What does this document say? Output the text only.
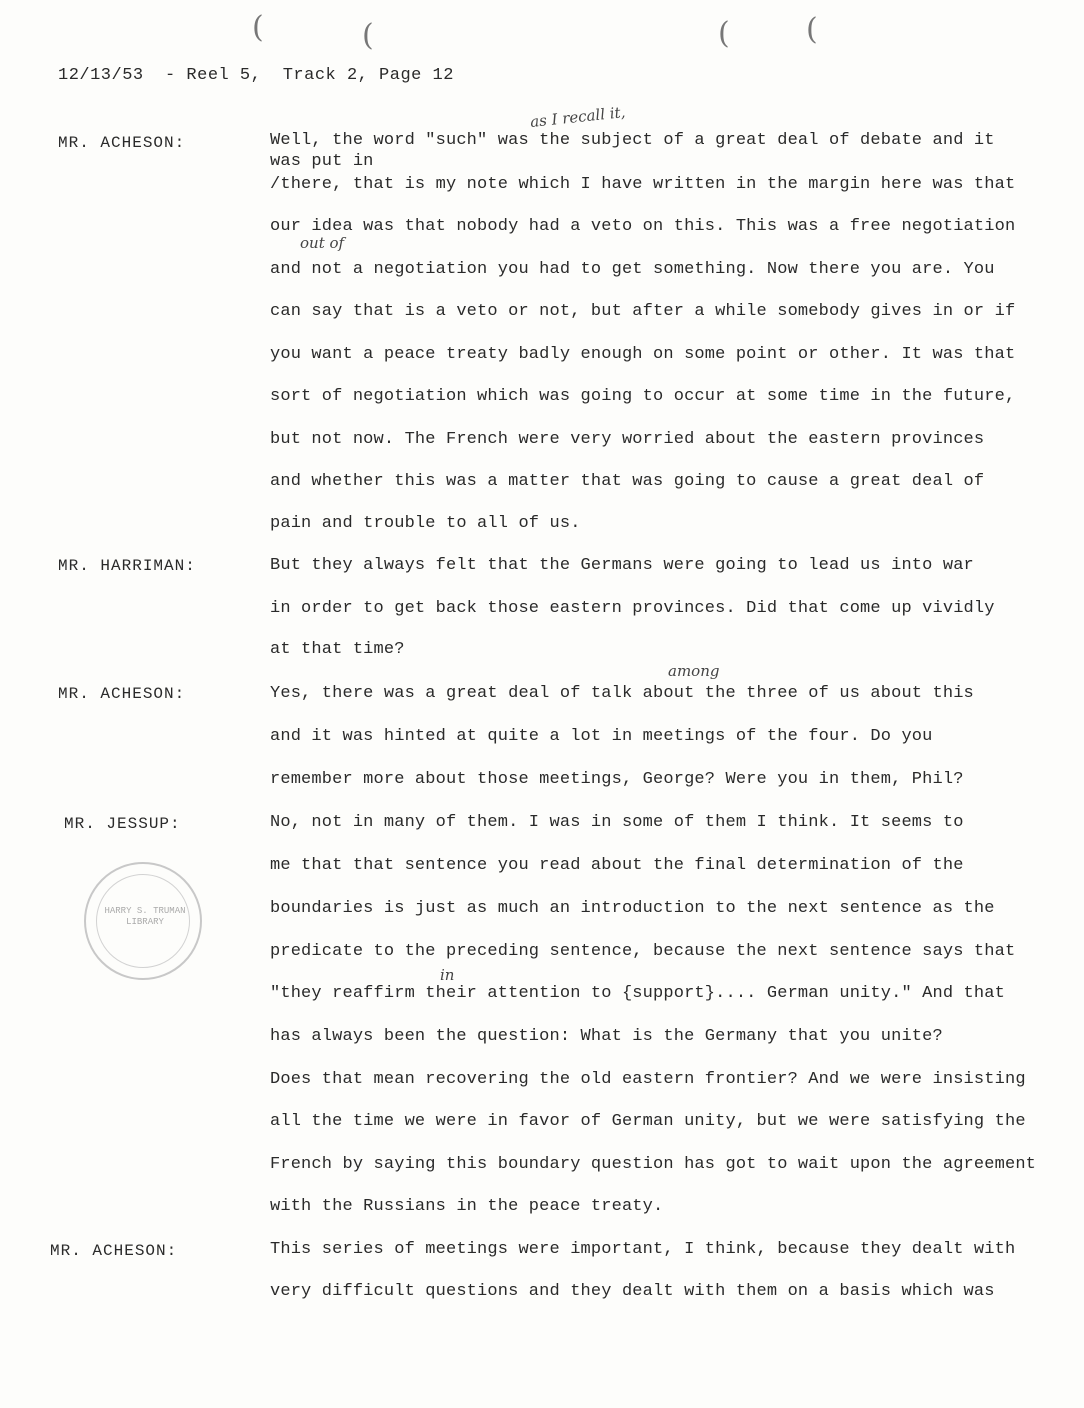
(	(	(	(
12/13/53  - Reel 5,  Track 2, Page 12
MR. ACHESON:
as I recall it,
out of
Well, the word "such" was the subject of a great deal of debate and it
was put in
/there, that is my note which I have written in the margin here was that
our idea was that nobody had a veto on this. This was a free negotiation
and not a negotiation you had to get something. Now there you are. You
can say that is a veto or not, but after a while somebody gives in or if
you want a peace treaty badly enough on some point or other. It was that
sort of negotiation which was going to occur at some time in the future,
but not now. The French were very worried about the eastern provinces
and whether this was a matter that was going to cause a great deal of
pain and trouble to all of us.
MR. HARRIMAN:	But they always felt that the Germans were going to lead us into war
in order to get back those eastern provinces. Did that come up vividly
at that time?
MR. ACHESON:
among
Yes, there was a great deal of talk about the three of us about this
and it was hinted at quite a lot in meetings of the four. Do you
remember more about those meetings, George? Were you in them, Phil?
MR. JESSUP:
in
No, not in many of them. I was in some of them I think. It seems to
me that that sentence you read about the final determination of the
boundaries is just as much an introduction to the next sentence as the
predicate to the preceding sentence, because the next sentence says that
"they reaffirm their attention to {support}.... German unity." And that
has always been the question: What is the Germany that you unite?
Does that mean recovering the old eastern frontier? And we were insisting
all the time we were in favor of German unity, but we were satisfying the
French by saying this boundary question has got to wait upon the agreement
with the Russians in the peace treaty.
HARRY S. TRUMAN LIBRARY
MR. ACHESON:	This series of meetings were important, I think, because they dealt with
very difficult questions and they dealt with them on a basis which was
